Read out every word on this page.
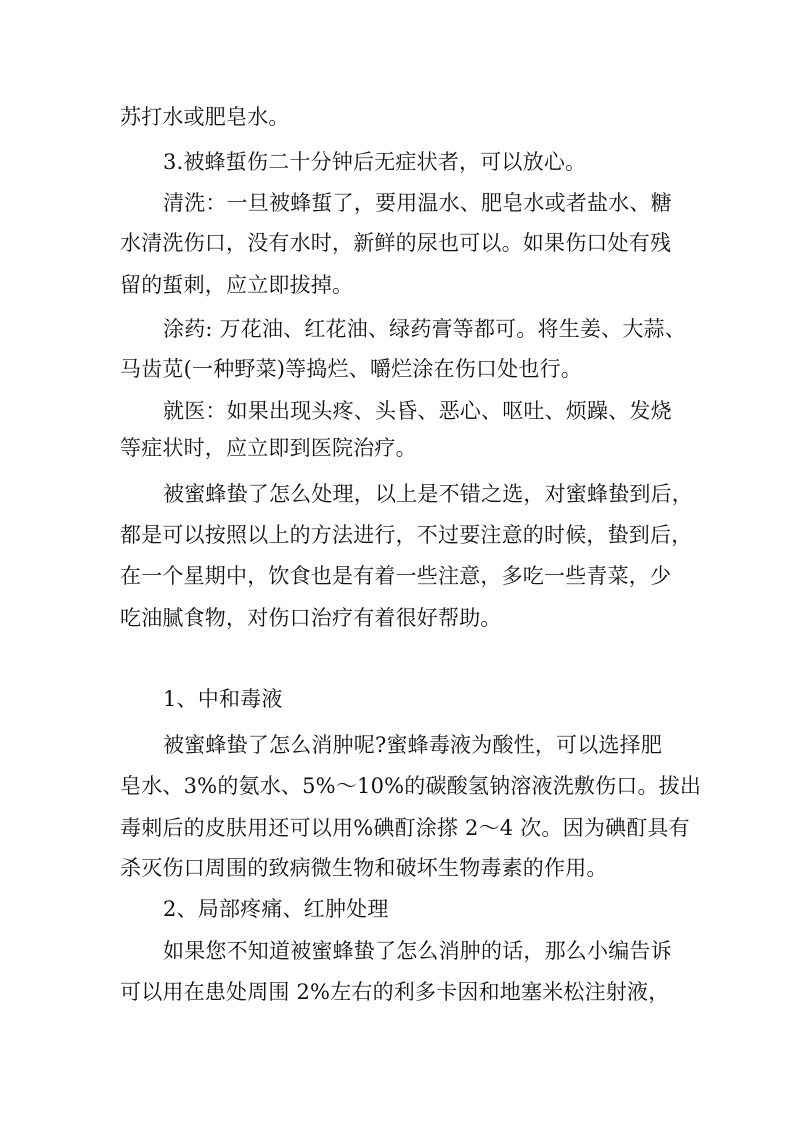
苏打水或肥皂水。
3.被蜂蜇伤二十分钟后无症状者，可以放心。
清洗：一旦被蜂蜇了，要用温水、肥皂水或者盐水、糖
水清洗伤口，没有水时，新鲜的尿也可以。如果伤口处有残
留的蜇刺，应立即拔掉。
涂药: 万花油、红花油、绿药膏等都可。将生姜、大蒜、
马齿苋(一种野菜)等捣烂、嚼烂涂在伤口处也行。
就医：如果出现头疼、头昏、恶心、呕吐、烦躁、发烧
等症状时，应立即到医院治疗。
被蜜蜂蛰了怎么处理，以上是不错之选，对蜜蜂蛰到后，
都是可以按照以上的方法进行，不过要注意的时候，蛰到后，
在一个星期中，饮食也是有着一些注意，多吃一些青菜，少
吃油腻食物，对伤口治疗有着很好帮助。
1、中和毒液
被蜜蜂蛰了怎么消肿呢?蜜蜂毒液为酸性，可以选择肥
皂水、3%的氨水、5%～10%的碳酸氢钠溶液洗敷伤口。拔出
毒刺后的皮肤用还可以用%碘酊涂搽 2～4 次。因为碘酊具有
杀灭伤口周围的致病微生物和破坏生物毒素的作用。
2、局部疼痛、红肿处理
如果您不知道被蜜蜂蛰了怎么消肿的话，那么小编告诉
可以用在患处周围 2%左右的利多卡因和地塞米松注射液，
